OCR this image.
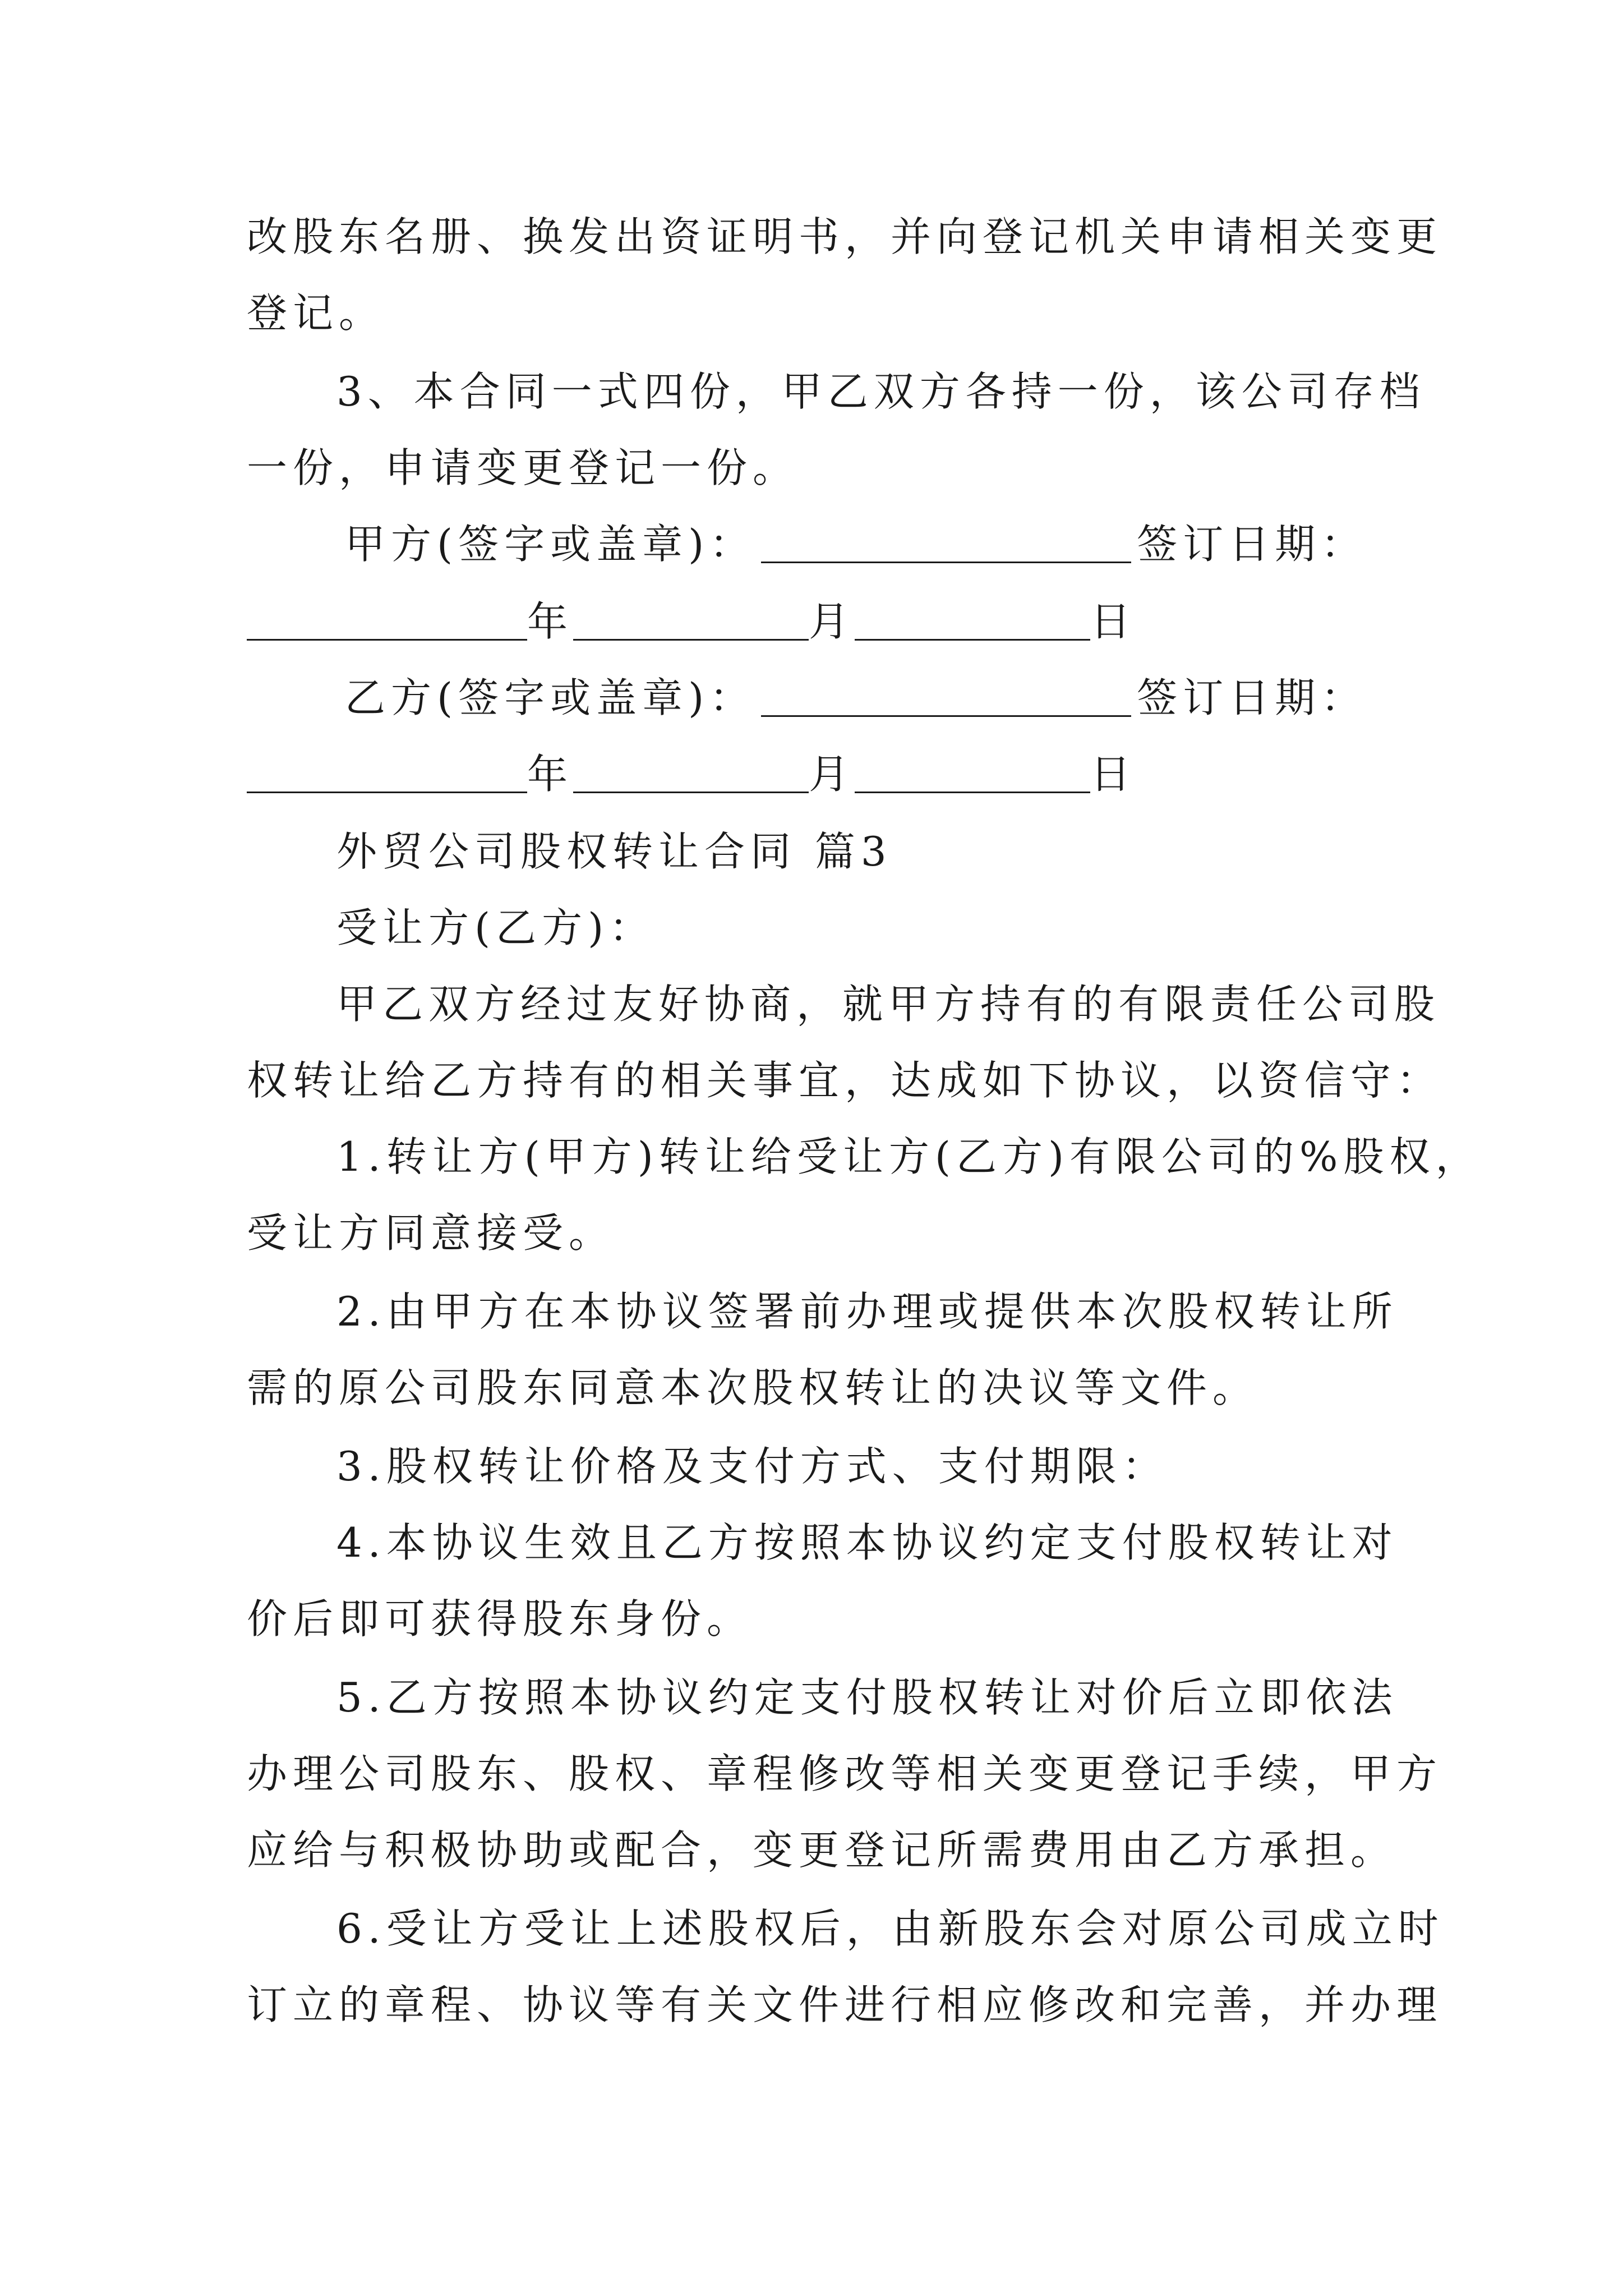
改股东名册、换发出资证明书，并向登记机关申请相关变更
登记。
3、本合同一式四份，甲乙双方各持一份，该公司存档
一份，申请变更登记一份。
甲方(签字或盖章)：	签订日期：
年	月	日
乙方(签字或盖章)：	签订日期：
年	月	日
外贸公司股权转让合同 篇3
受让方(乙方)：
甲乙双方经过友好协商，就甲方持有的有限责任公司股
权转让给乙方持有的相关事宜，达成如下协议，以资信守：
1.转让方(甲方)转让给受让方(乙方)有限公司的%股权，
受让方同意接受。
2.由甲方在本协议签署前办理或提供本次股权转让所
需的原公司股东同意本次股权转让的决议等文件。
3.股权转让价格及支付方式、支付期限：
4.本协议生效且乙方按照本协议约定支付股权转让对
价后即可获得股东身份。
5.乙方按照本协议约定支付股权转让对价后立即依法
办理公司股东、股权、章程修改等相关变更登记手续，甲方
应给与积极协助或配合，变更登记所需费用由乙方承担。
6.受让方受让上述股权后，由新股东会对原公司成立时
订立的章程、协议等有关文件进行相应修改和完善，并办理
